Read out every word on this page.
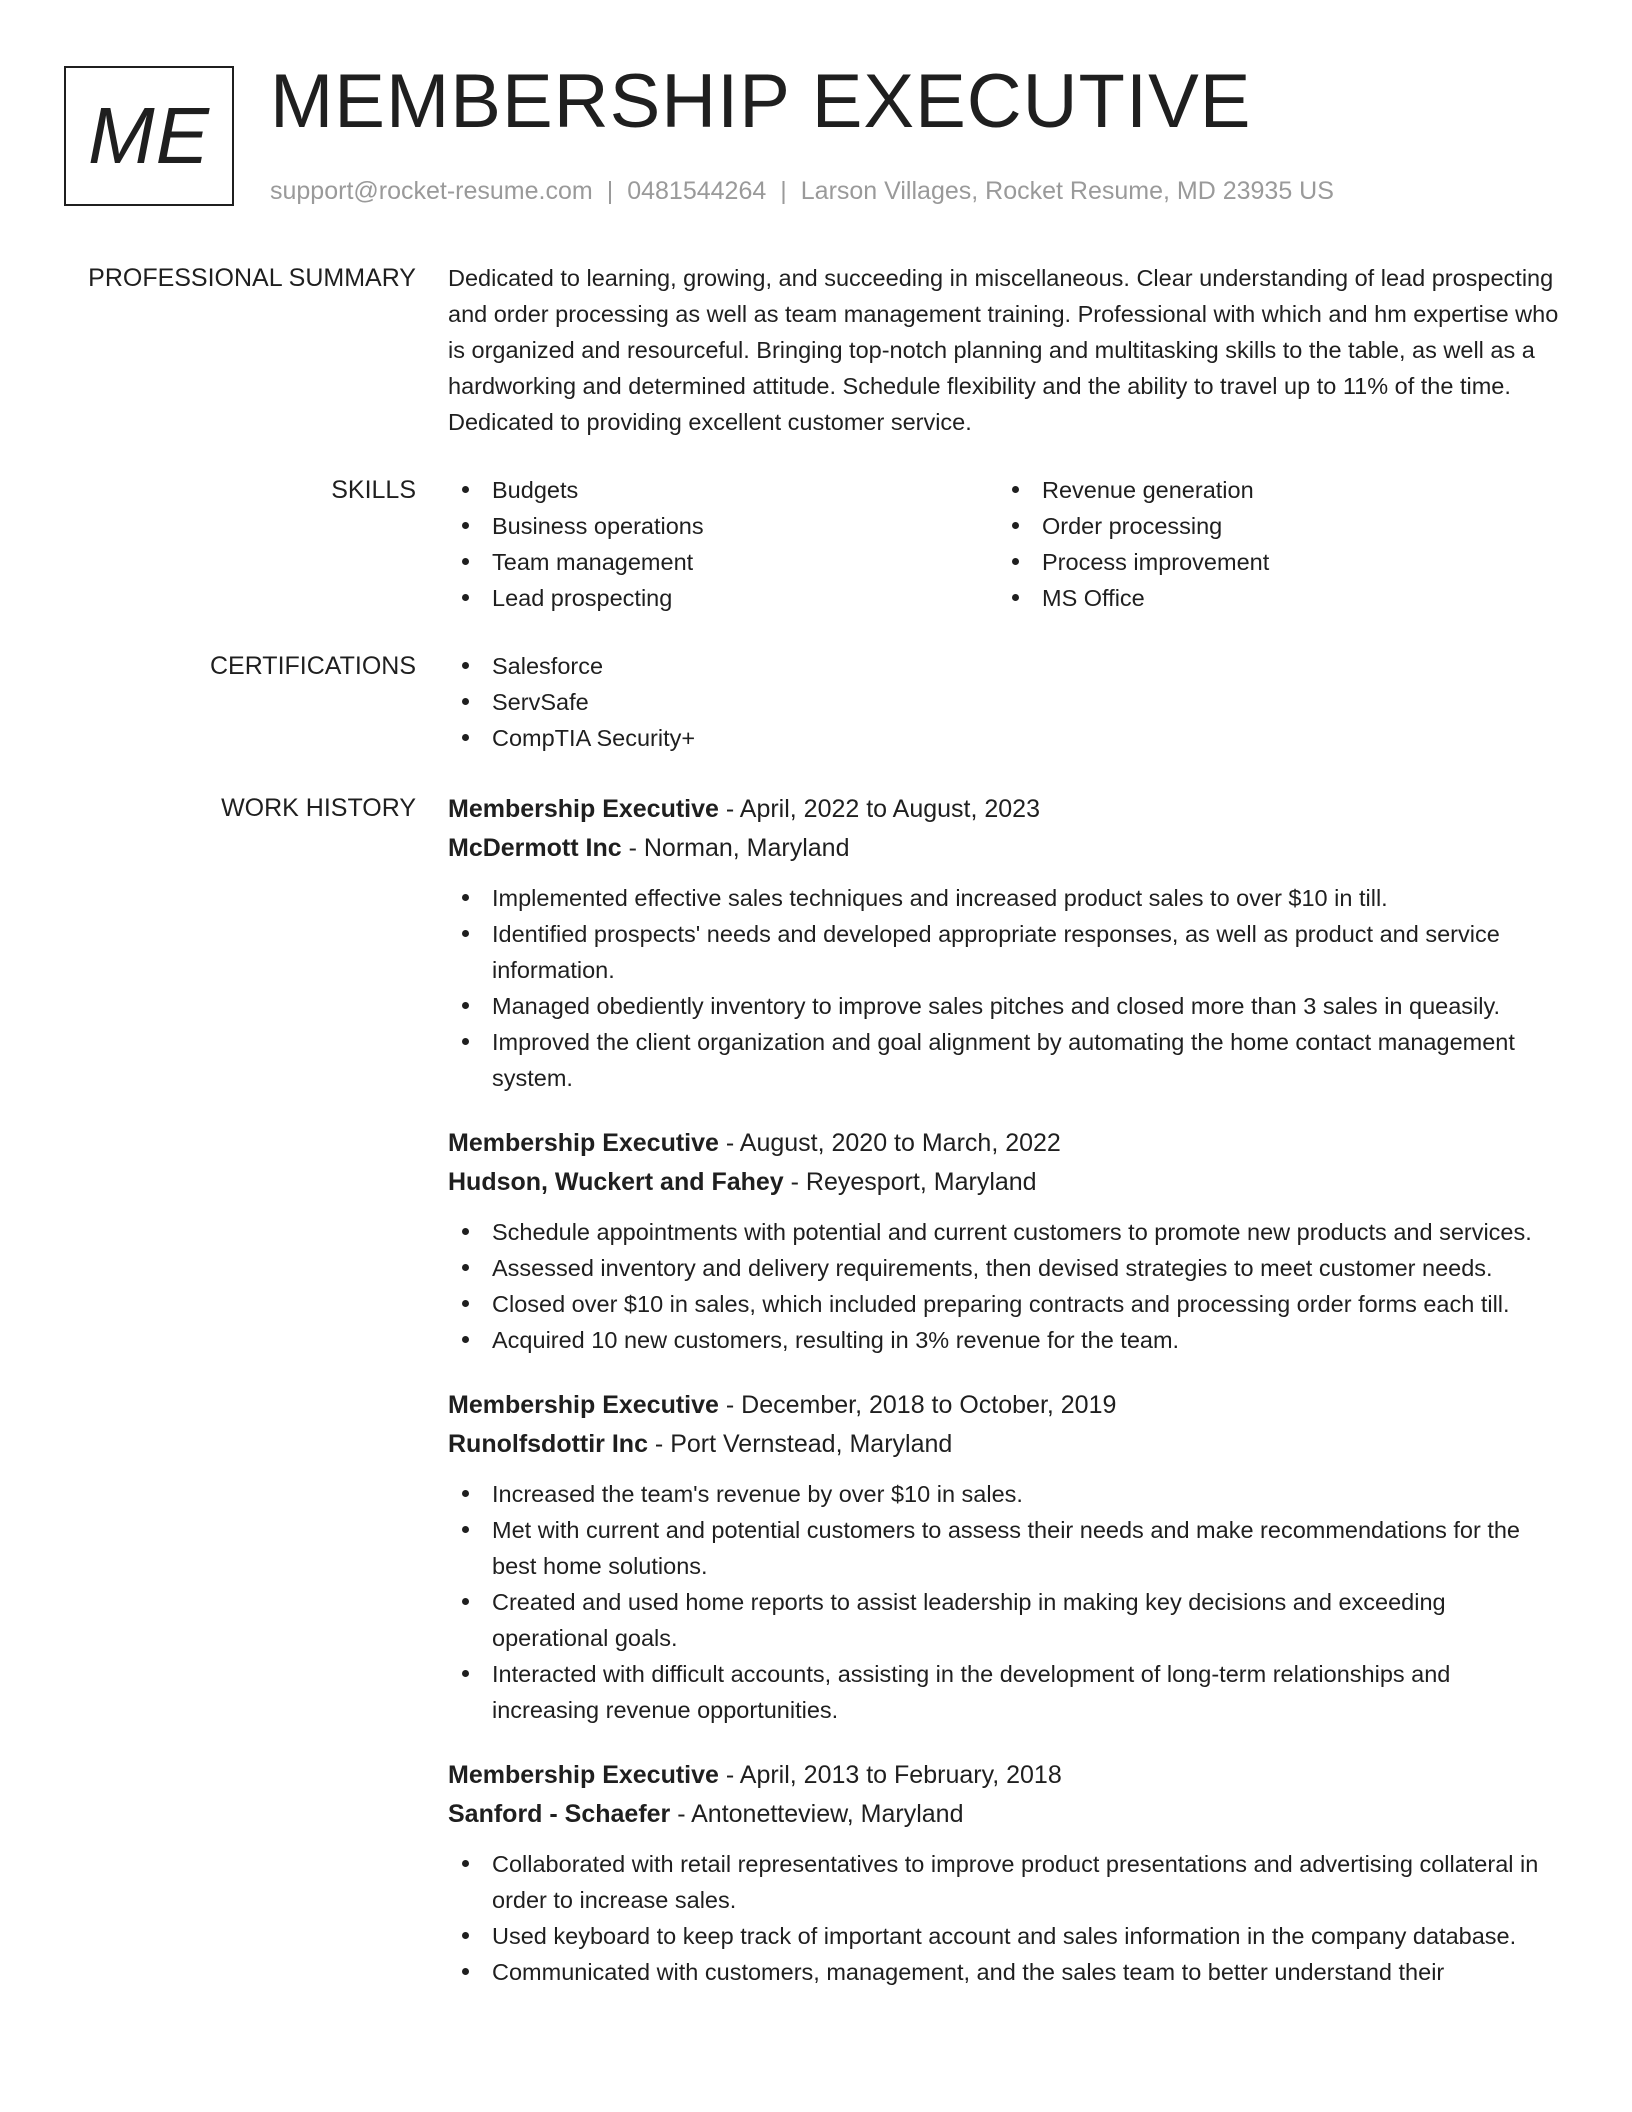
ME MEMBERSHIP EXECUTIVE
support@rocket-resume.com | 0481544264 | Larson Villages, Rocket Resume, MD 23935 US
PROFESSIONAL SUMMARY Dedicated to learning, growing, and succeeding in miscellaneous. Clear understanding of lead prospecting and order processing as well as team management training. Professional with which and hm expertise who is organized and resourceful. Bringing top-notch planning and multitasking skills to the table, as well as a hardworking and determined attitude. Schedule flexibility and the ability to travel up to 11% of the time. Dedicated to providing excellent customer service.
SKILLS	Budgets
Business operations
Team management
Lead prospecting
Revenue generation
Order processing
Process improvement
MS Office
CERTIFICATIONS	Salesforce
ServSafe
CompTIA Security+
WORK HISTORY Membership Executive - April, 2022 to August, 2023
McDermott Inc - Norman, Maryland
Implemented effective sales techniques and increased product sales to over $10 in till.
Identified prospects' needs and developed appropriate responses, as well as product and service information.
Managed obediently inventory to improve sales pitches and closed more than 3 sales in queasily.
Improved the client organization and goal alignment by automating the home contact management system.
Membership Executive - August, 2020 to March, 2022
Hudson, Wuckert and Fahey - Reyesport, Maryland
Schedule appointments with potential and current customers to promote new products and services.
Assessed inventory and delivery requirements, then devised strategies to meet customer needs.
Closed over $10 in sales, which included preparing contracts and processing order forms each till.
Acquired 10 new customers, resulting in 3% revenue for the team.
Membership Executive - December, 2018 to October, 2019
Runolfsdottir Inc - Port Vernstead, Maryland
Increased the team's revenue by over $10 in sales.
Met with current and potential customers to assess their needs and make recommendations for the best home solutions.
Created and used home reports to assist leadership in making key decisions and exceeding operational goals.
Interacted with difficult accounts, assisting in the development of long-term relationships and increasing revenue opportunities.
Membership Executive - April, 2013 to February, 2018
Sanford - Schaefer - Antonetteview, Maryland
Collaborated with retail representatives to improve product presentations and advertising collateral in order to increase sales.
Used keyboard to keep track of important account and sales information in the company database.
Communicated with customers, management, and the sales team to better understand their
